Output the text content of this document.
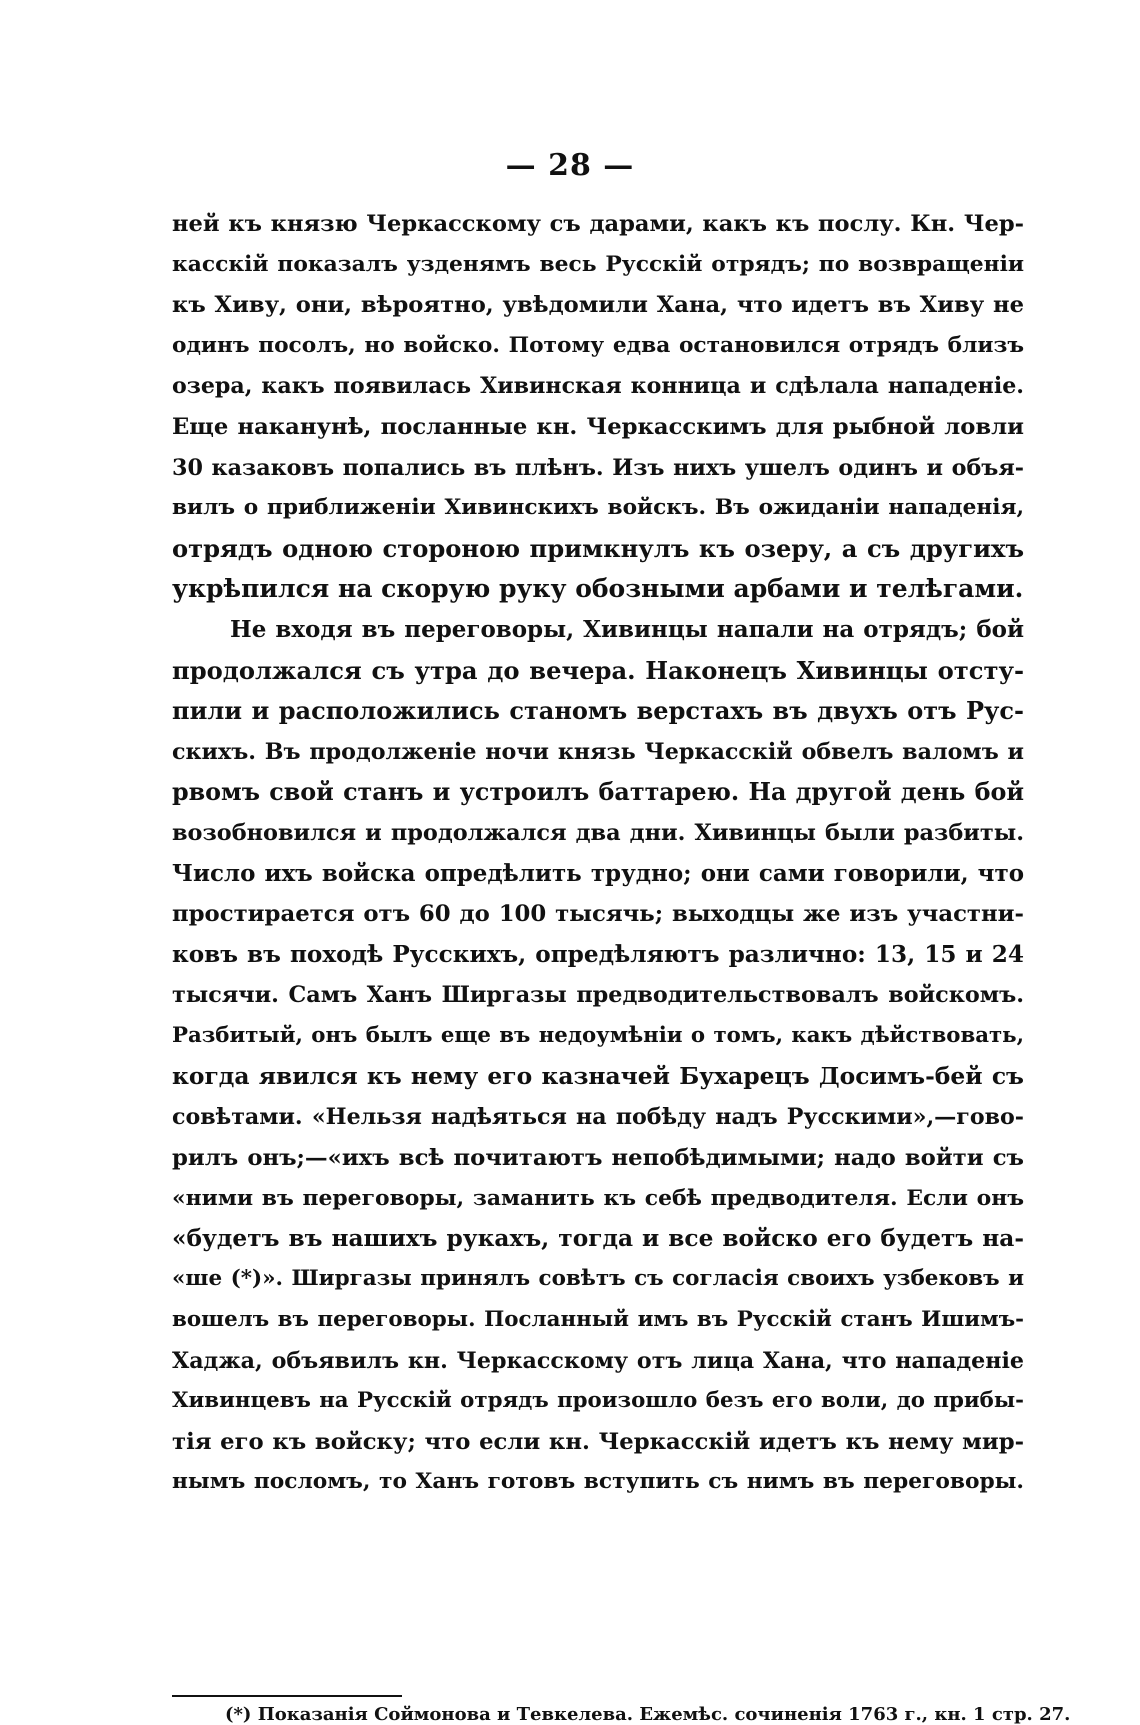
— 28 —
ней къ князю Черкасскому съ дарами, какъ къ послу. Кн. Чер-
касскій показалъ узденямъ весь Русскій отрядъ; по возвращеніи
къ Хиву, они, вѣроятно, увѣдомили Хана, что идетъ въ Хиву не
одинъ посолъ, но войско. Потому едва остановился отрядъ близъ
озера, какъ появилась Хивинская конница и сдѣлала нападеніе.
Еще наканунѣ, посланные кн. Черкасскимъ для рыбной ловли
30 казаковъ попались въ плѣнъ. Изъ нихъ ушелъ одинъ и объя-
вилъ о приближеніи Хивинскихъ войскъ. Въ ожиданіи нападенія,
отрядъ одною стороною примкнулъ къ озеру, а съ другихъ
укрѣпился на скорую руку обозными арбами и телѣгами.
Не входя въ переговоры, Хивинцы напали на отрядъ; бой
продолжался съ утра до вечера. Наконецъ Хивинцы отсту-
пили и расположились станомъ верстахъ въ двухъ отъ Рус-
скихъ. Въ продолженіе ночи князь Черкасскій обвелъ валомъ и
рвомъ свой станъ и устроилъ баттарею. На другой день бой
возобновился и продолжался два дни. Хивинцы были разбиты.
Число ихъ войска опредѣлить трудно; они сами говорили, что
простирается отъ 60 до 100 тысячь; выходцы же изъ участни-
ковъ въ походѣ Русскихъ, опредѣляютъ различно: 13, 15 и 24
тысячи. Самъ Ханъ Ширгазы предводительствовалъ войскомъ.
Разбитый, онъ былъ еще въ недоумѣніи о томъ, какъ дѣйствовать,
когда явился къ нему его казначей Бухарецъ Досимъ-бей съ
совѣтами. «Нельзя надѣяться на побѣду надъ Русскими»,—гово-
рилъ онъ;—«ихъ всѣ почитаютъ непобѣдимыми; надо войти съ
«ними въ переговоры, заманить къ себѣ предводителя. Если онъ
«будетъ въ нашихъ рукахъ, тогда и все войско его будетъ на-
«ше (*)». Ширгазы принялъ совѣтъ съ согласія своихъ узбековъ и
вошелъ въ переговоры. Посланный имъ въ Русскій станъ Ишимъ-
Хаджа, объявилъ кн. Черкасскому отъ лица Хана, что нападеніе
Хивинцевъ на Русскій отрядъ произошло безъ его воли, до прибы-
тія его къ войску; что если кн. Черкасскій идетъ къ нему мир-
нымъ посломъ, то Ханъ готовъ вступить съ нимъ въ переговоры.
(*) Показанія Соймонова и Тевкелева. Ежемѣс. сочиненія 1763 г., кн. 1 стр. 27.
